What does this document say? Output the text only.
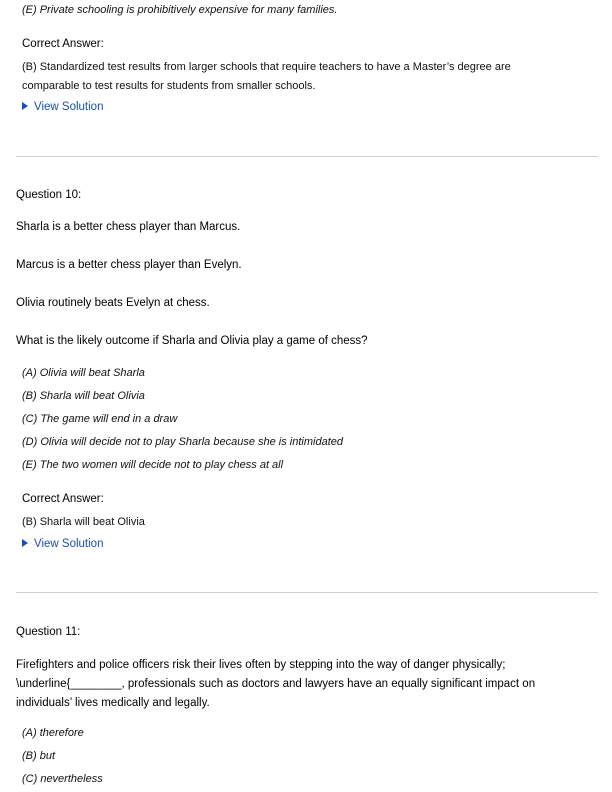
(E) Private schooling is prohibitively expensive for many families.
Correct Answer:
(B) Standardized test results from larger schools that require teachers to have a Master’s degree are
comparable to test results for students from smaller schools.
View Solution
Question 10:
Sharla is a better chess player than Marcus.
Marcus is a better chess player than Evelyn.
Olivia routinely beats Evelyn at chess.
What is the likely outcome if Sharla and Olivia play a game of chess?
(A) Olivia will beat Sharla
(B) Sharla will beat Olivia
(C) The game will end in a draw
(D) Olivia will decide not to play Sharla because she is intimidated
(E) The two women will decide not to play chess at all
Correct Answer:
(B) Sharla will beat Olivia
View Solution
Question 11:
Firefighters and police officers risk their lives often by stepping into the way of danger physically;
\underline{________, professionals such as doctors and lawyers have an equally significant impact on
individuals’ lives medically and legally.
(A) therefore
(B) but
(C) nevertheless
